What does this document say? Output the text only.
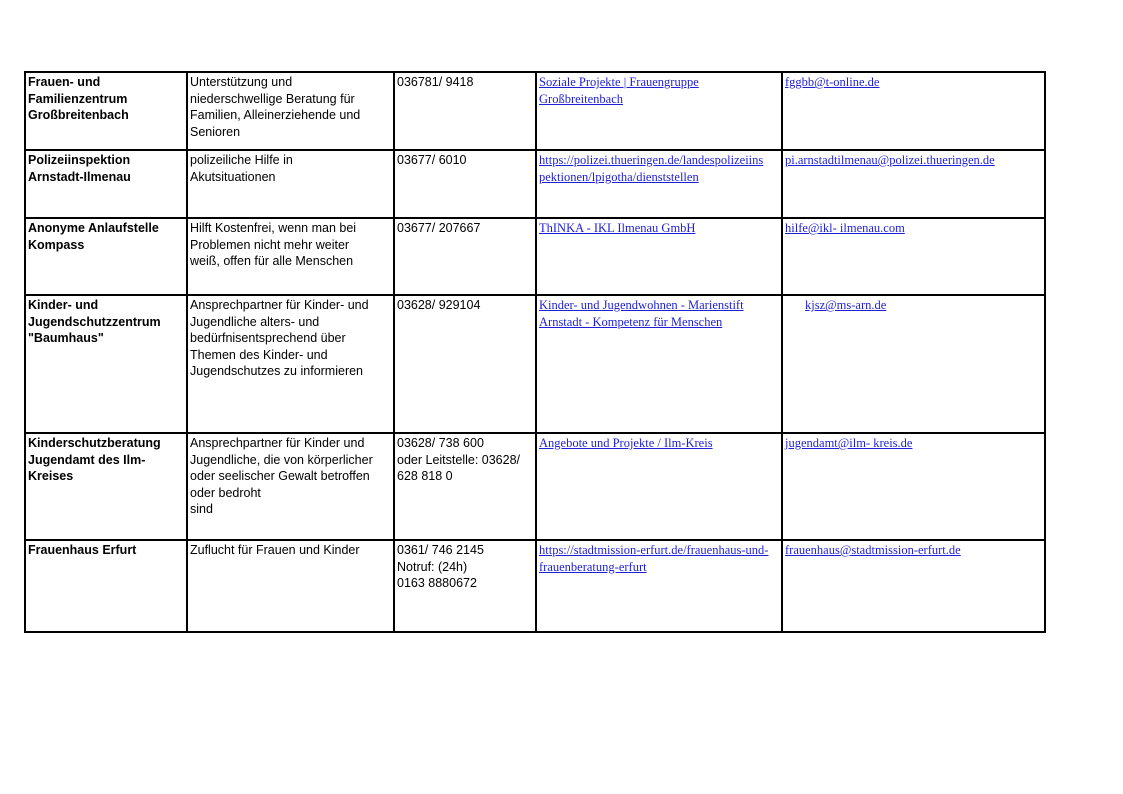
Frauen- und
Familienzentrum
Großbreitenbach	Unterstützung und
niederschwellige Beratung für
Familien, Alleinerziehende und
Senioren	036781/ 9418	Soziale Projekte | Frauengruppe
Großbreitenbach	fggbb@t-online.de

Polizeiinspektion
Arnstadt-Ilmenau	polizeiliche Hilfe in
Akutsituationen	03677/ 6010	https://polizei.thueringen.de/landespolizeiins
pektionen/lpigotha/dienststellen	pi.arnstadtilmenau@polizei.thueringen.de

Anonyme Anlaufstelle
Kompass	Hilft Kostenfrei, wenn man bei
Problemen nicht mehr weiter
weiß, offen für alle Menschen	03677/ 207667	ThINKA - IKL Ilmenau GmbH	hilfe@ikl- ilmenau.com

Kinder- und
Jugendschutzzentrum
"Baumhaus"	Ansprechpartner für Kinder- und
Jugendliche alters- und
bedürfnisentsprechend über
Themen des Kinder- und
Jugendschutzes zu informieren	03628/ 929104	Kinder- und Jugendwohnen - Marienstift
Arnstadt - Kompetenz für Menschen	kjsz@ms-arn.de

Kinderschutzberatung
Jugendamt des Ilm-
Kreises	Ansprechpartner für Kinder und
Jugendliche, die von körperlicher
oder seelischer Gewalt betroffen
oder bedroht
sind	03628/ 738 600
oder Leitstelle: 03628/
628 818 0	Angebote und Projekte / Ilm-Kreis	jugendamt@ilm- kreis.de

Frauenhaus Erfurt	Zuflucht für Frauen und Kinder	0361/ 746 2145
Notruf: (24h)
0163 8880672	https://stadtmission-erfurt.de/frauenhaus-und-
frauenberatung-erfurt	frauenhaus@stadtmission-erfurt.de
